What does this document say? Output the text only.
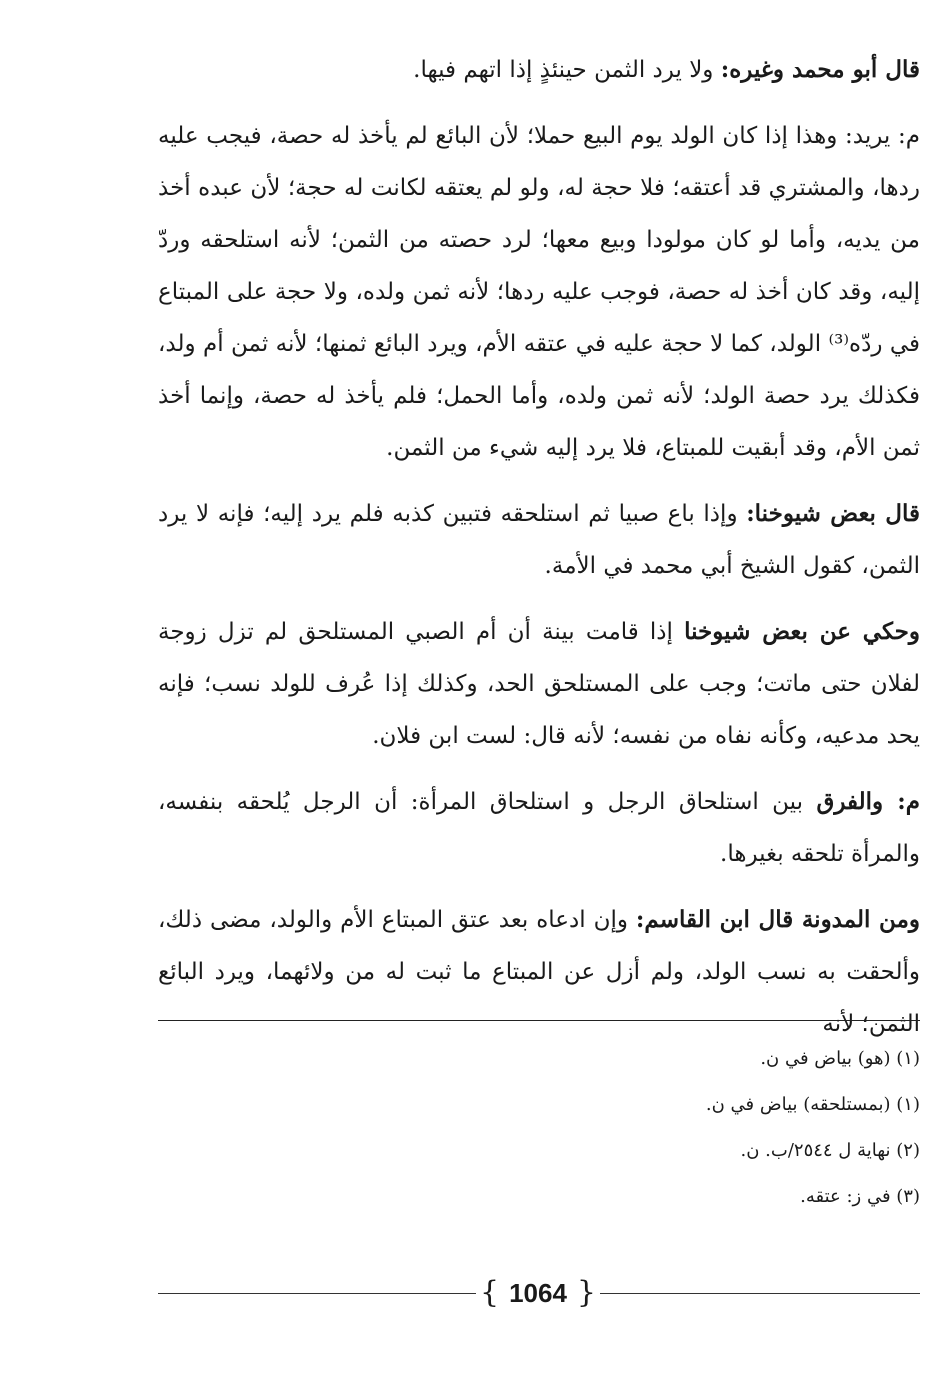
قال أبو محمد وغيره: ولا يرد الثمن حينئذٍ إذا اتهم فيها.

م: يريد: وهذا إذا كان الولد يوم البيع حملا؛ لأن البائع لم يأخذ له حصة، فيجب عليه ردها، والمشتري قد أعتقه؛ فلا حجة له، ولو لم يعتقه لكانت له حجة؛ لأن عبده أخذ من يديه، وأما لو كان مولودا وبيع معها؛ لرد حصته من الثمن؛ لأنه استلحقه وردّ إليه، وقد كان أخذ له حصة، فوجب عليه ردها؛ لأنه ثمن ولده، ولا حجة على المبتاع في ردّه⁽³⁾ الولد، كما لا حجة عليه في عتقه الأم، ويرد البائع ثمنها؛ لأنه ثمن أم ولد، فكذلك يرد حصة الولد؛ لأنه ثمن ولده، وأما الحمل؛ فلم يأخذ له حصة، وإنما أخذ ثمن الأم، وقد أبقيت للمبتاع، فلا يرد إليه شيء من الثمن.

قال بعض شيوخنا: وإذا باع صبيا ثم استلحقه فتبين كذبه فلم يرد إليه؛ فإنه لا يرد الثمن، كقول الشيخ أبي محمد في الأمة.

وحكي عن بعض شيوخنا إذا قامت بينة أن أم الصبي المستلحق لم تزل زوجة لفلان حتى ماتت؛ وجب على المستلحق الحد، وكذلك إذا عُرف للولد نسب؛ فإنه يحد مدعيه، وكأنه نفاه من نفسه؛ لأنه قال: لست ابن فلان.

م: والفرق بين استلحاق الرجل و استلحاق المرأة: أن الرجل يُلحقه بنفسه، والمرأة تلحقه بغيرها.

ومن المدونة قال ابن القاسم: وإن ادعاه بعد عتق المبتاع الأم والولد، مضى ذلك، وألحقت به نسب الولد، ولم أزل عن المبتاع ما ثبت له من ولائهما، ويرد البائع الثمن؛ لأنه

(١) (هو) بياض في ن.

(١) (بمستلحقه) بياض في ن.

(٢) نهاية ل ٢٥٤٤/ب. ن.

(٣) في ز: عتقه.

{ 1064 }
